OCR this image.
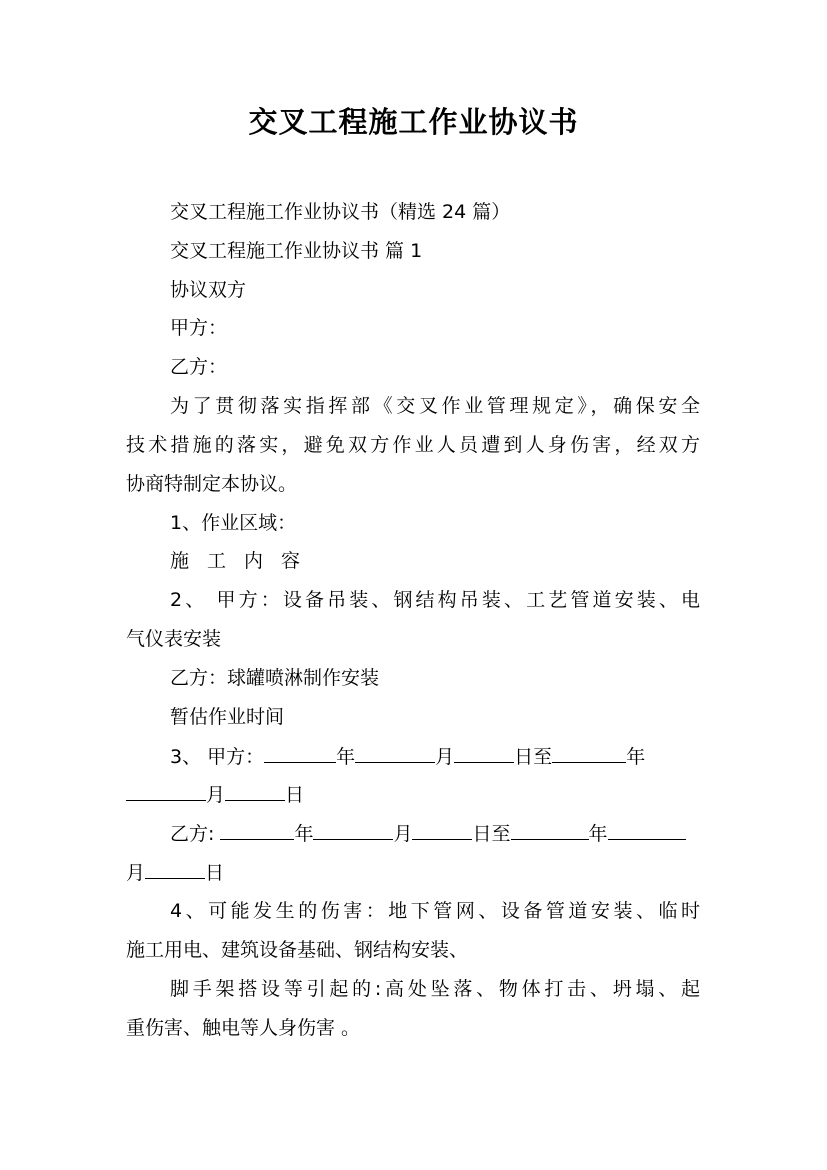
交叉工程施工作业协议书
交叉工程施工作业协议书（精选 24 篇）
交叉工程施工作业协议书 篇 1
协议双方
甲方：
乙方：
为了贯彻落实指挥部《交叉作业管理规定》，确保安全
技术措施的落实，避免双方作业人员遭到人身伤害，经双方
协商特制定本协议。
1、作业区域：
施工内容
2、 甲方：设备吊装、钢结构吊装、工艺管道安装、电
气仪表安装
乙方：球罐喷淋制作安装
暂估作业时间
3、 甲方：	年	月	日至	年
月	日
乙方:	年	月	日至	年
月	日
4、可能发生的伤害：地下管网、设备管道安装、临时
施工用电、建筑设备基础、钢结构安装、
脚手架搭设等引起的:高处坠落、物体打击、坍塌、起
重伤害、触电等人身伤害 。
